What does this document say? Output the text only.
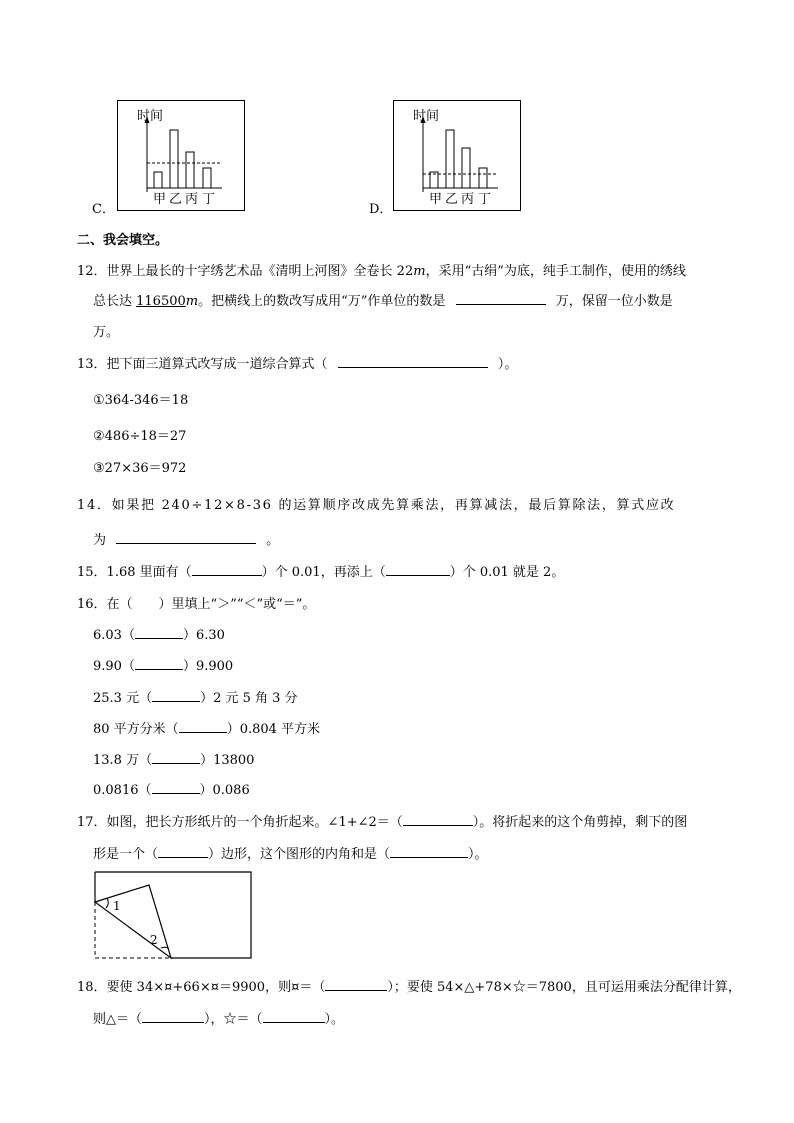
C．
时间
甲 乙 丙 丁
D．
时间
甲 乙 丙 丁
二、我会填空。
12．世界上最长的十字绣艺术品《清明上河图》全卷长 22m，采用“古绢”为底，纯手工制作，使用的绣线
总长达 116500m。把横线上的数改写成用“万”作单位的数是	万，保留一位小数是
万。
13．把下面三道算式改写成一道综合算式（	）。
①364-346＝18
②486÷18＝27
③27×36＝972
14．如果把 240÷12×8-36 的运算顺序改成先算乘法，再算减法，最后算除法，算式应改
为	。
15．1.68 里面有（	）个 0.01，再添上（	）个 0.01 就是 2。
16．在（　　）里填上“＞”“＜”或“＝”。
6.03（	）6.30
9.90（	）9.900
25.3 元（	）2 元 5 角 3 分
80 平方分米（	）0.804 平方米
13.8 万（	）13800
0.0816（	）0.086
17．如图，把长方形纸片的一个角折起来。∠1+∠2＝（	）。将折起来的这个角剪掉，剩下的图
形是一个（	）边形，这个图形的内角和是（	）。
1
2
18．要使 34×¤+66×¤＝9900，则¤＝（	）；要使 54×△+78×☆＝7800，且可运用乘法分配律计算，
则△＝（	），☆＝（	）。
